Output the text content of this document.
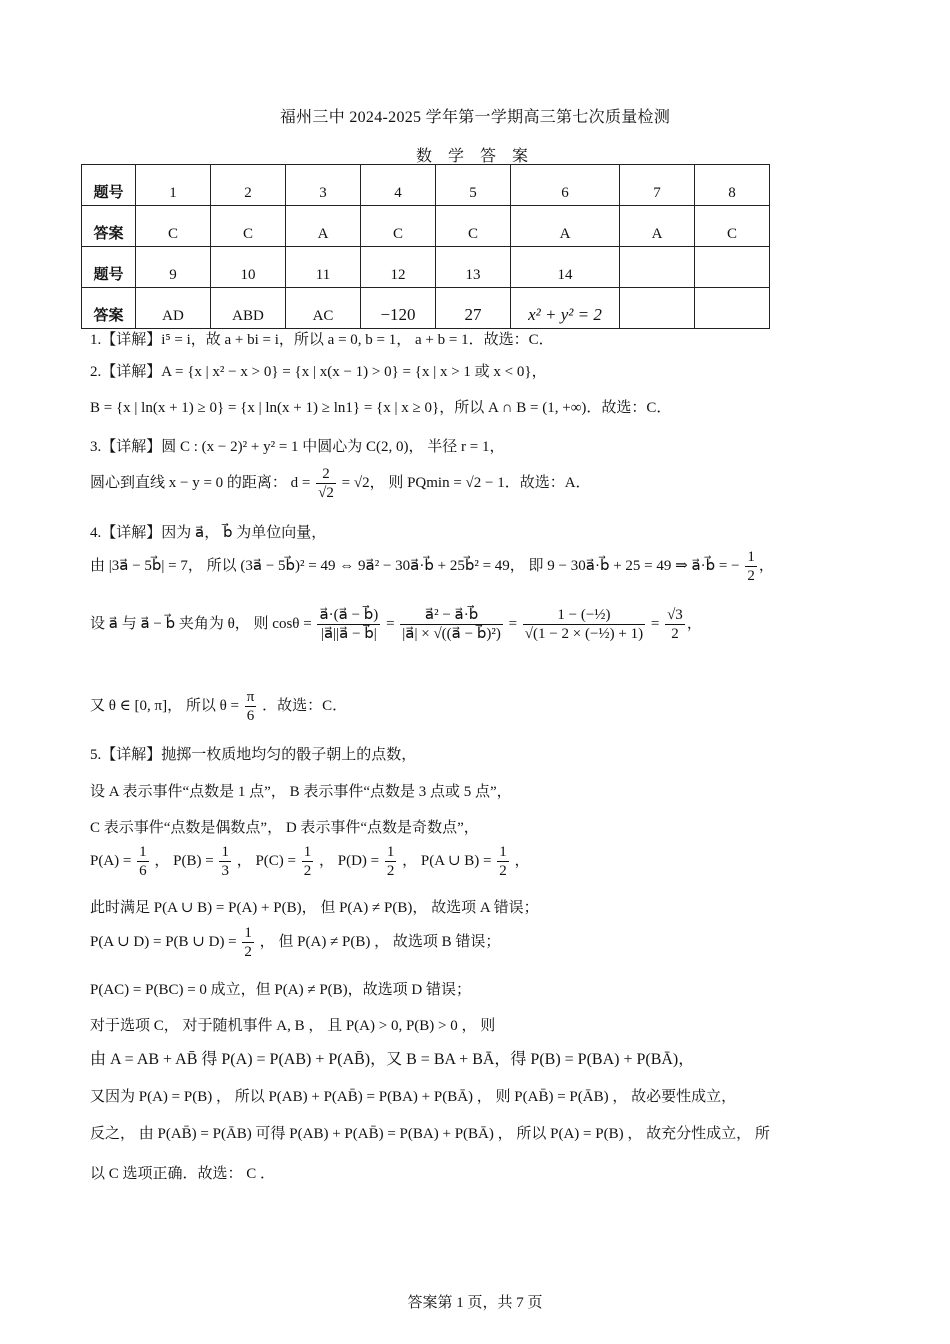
福州三中 2024-2025 学年第一学期高三第七次质量检测
数 学 答 案
题号	1	2	3	4	5	6	7	8
答案	C	C	A	C	C	A	A	C
题号	9	10	11	12	13	14		
答案	AD	ABD	AC	−120	27	x² + y² = 2		
1.【详解】i⁵ = i，故 a + bi = i，所以 a = 0, b = 1， a + b = 1．故选：C．
2.【详解】A = {x | x² − x > 0} = {x | x(x − 1) > 0} = {x | x > 1 或 x < 0}，
B = {x | ln(x + 1) ≥ 0} = {x | ln(x + 1) ≥ ln1} = {x | x ≥ 0}，所以 A ∩ B = (1, +∞)．故选：C．
3.【详解】圆 C : (x − 2)² + y² = 1 中圆心为 C(2, 0)， 半径 r = 1，
圆心到直线 x − y = 0 的距离： $d = \frac{2}{√2} = √2$， 则 PQmin = √2 − 1．故选：A．
4.【详解】因为 a⃗， b⃗ 为单位向量，
由 |3a⃗ − 5b⃗| = 7， 所以 (3a⃗ − 5b⃗)² = 49 ⇔ 9a⃗² − 30a⃗·b⃗ + 25b⃗² = 49， 即 9 − 30a⃗·b⃗ + 25 = 49 ⇒ a⃗·b⃗ = − $\frac{1}{2}$ ，
设 a⃗ 与 a⃗ − b⃗ 夹角为 θ， 则 $\cos\theta = \frac{a⃗\cdot(a⃗ - b⃗)}{|a⃗||a⃗ - b⃗|} = \frac{\text{a⃗² − a⃗·b⃗}}{\text{|a⃗| × √((a⃗ − b⃗)²)}} = \frac{\text{1 − (−½)}}{\text{√(1 − 2 × (−½) + 1)}} = \frac{√3}{2}$ ，
又 θ ∈ [0, π]， 所以 $\theta = \frac{\pi}{6}$ ．故选：C．
5.【详解】抛掷一枚质地均匀的骰子朝上的点数，
设 A 表示事件“点数是 1 点”， B 表示事件“点数是 3 点或 5 点”，
C 表示事件“点数是偶数点”， D 表示事件“点数是奇数点”，
$P(A) = \frac{1}{6}$ ， $P(B) = \frac{1}{3}$ ， $P(C) = \frac{1}{2}$ ， $P(D) = \frac{1}{2}$ ， P(A ∪ $B) = \frac{1}{2}$ ，
此时满足 P(A ∪ B) = P(A) + P(B)， 但 P(A) ≠ P(B)， 故选项 A 错误；
P(A ∪ D) = P(B ∪ $D) = \frac{1}{2}$ ， 但 P(A) ≠ P(B) ， 故选项 B 错误；
P(AC) = P(BC) = 0 成立，但 P(A) ≠ P(B)，故选项 D 错误；
对于选项 C， 对于随机事件 A, B ， 且 P(A) > 0, P(B) > 0 ， 则
由 A = AB + AB̄ 得 P(A) = P(AB) + P(AB̄)，又 B = BA + BĀ，得 P(B) = P(BA) + P(BĀ)，
又因为 P(A) = P(B) ， 所以 P(AB) + P(AB̄) = P(BA) + P(BĀ) ， 则 P(AB̄) = P(ĀB) ， 故必要性成立，
反之， 由 P(AB̄) = P(ĀB) 可得 P(AB) + P(AB̄) = P(BA) + P(BĀ) ， 所以 P(A) = P(B) ， 故充分性成立， 所
以 C 选项正确．故选： C ．
答案第 1 页，共 7 页
